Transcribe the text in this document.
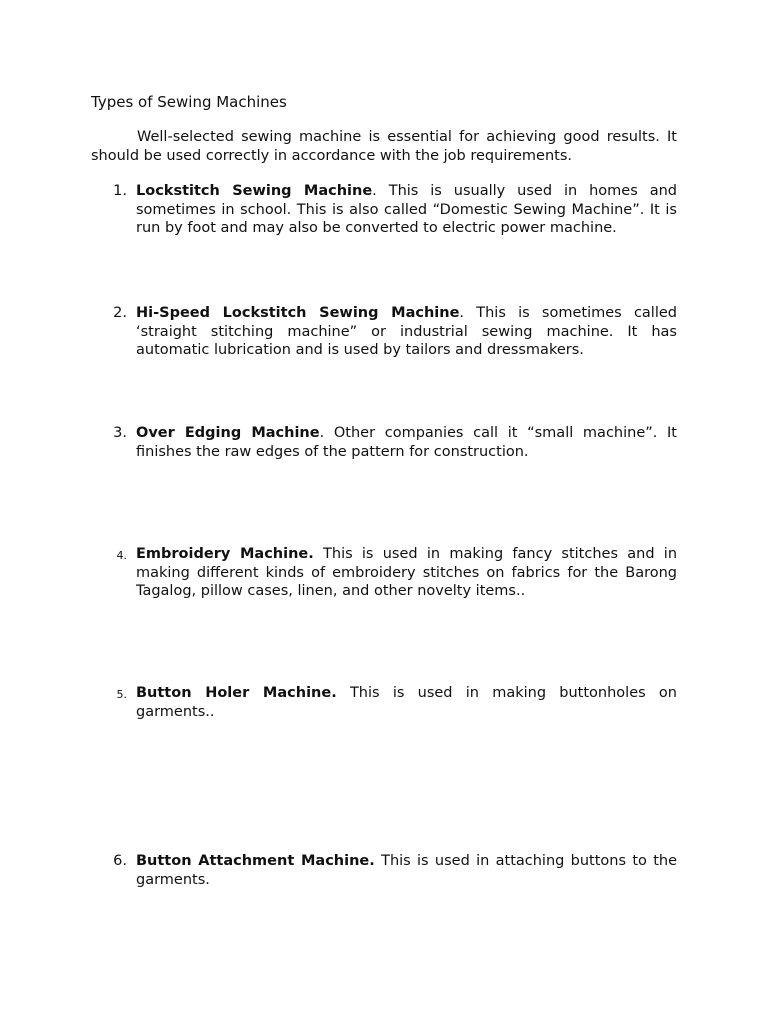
Types of Sewing Machines

Well-selected sewing machine is essential for achieving good results. It should be used correctly in accordance with the job requirements.

1. Lockstitch Sewing Machine. This is usually used in homes and sometimes in school. This is also called “Domestic Sewing Machine”. It is run by foot and may also be converted to electric power machine.

2. Hi-Speed Lockstitch Sewing Machine. This is sometimes called ‘straight stitching machine” or industrial sewing machine. It has automatic lubrication and is used by tailors and dressmakers.

3. Over Edging Machine. Other companies call it “small machine”. It finishes the raw edges of the pattern for construction.

4. Embroidery Machine. This is used in making fancy stitches and in making different kinds of embroidery stitches on fabrics for the Barong Tagalog, pillow cases, linen, and other novelty items..

5. Button Holer Machine. This is used in making buttonholes on garments..

6. Button Attachment Machine. This is used in attaching buttons to the garments.
